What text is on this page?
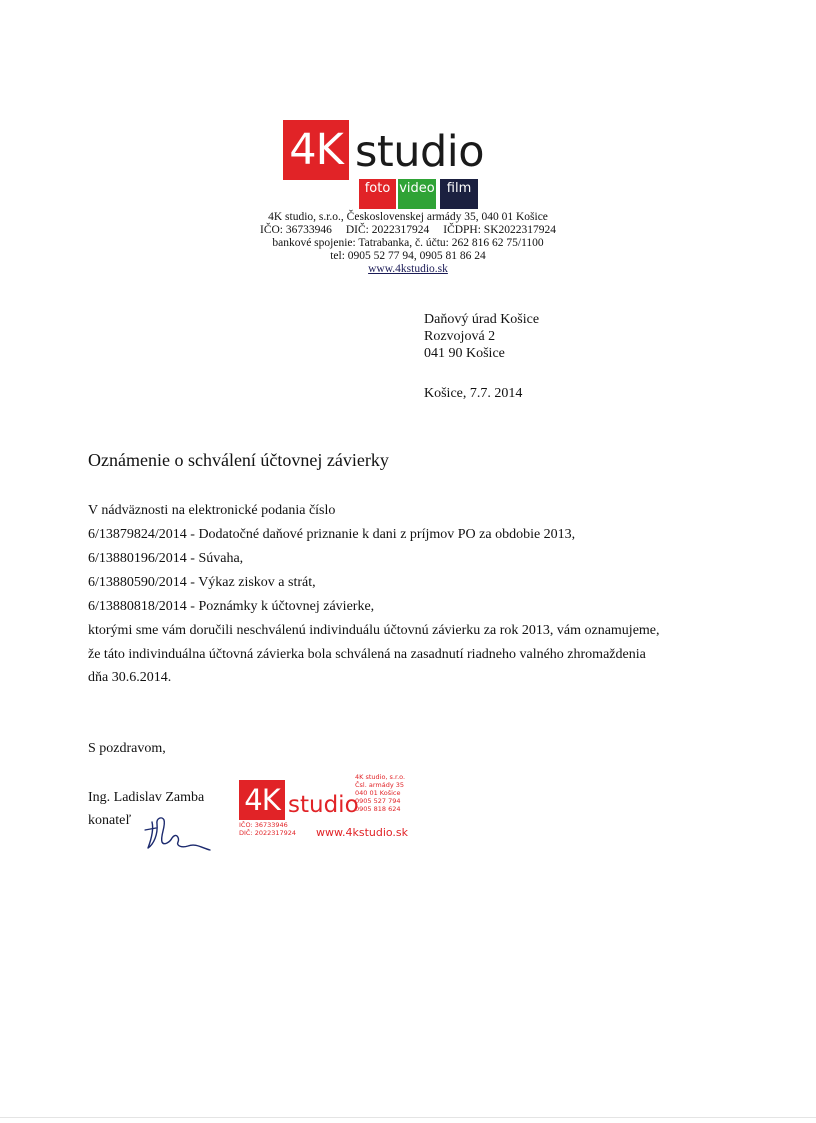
4K studio
foto video film
4K studio, s.r.o., Československej armády 35, 040 01 Košice
IČO: 36733946 DIČ: 2022317924 IČDPH: SK2022317924
bankové spojenie: Tatrabanka, č. účtu: 262 816 62 75/1100
tel: 0905 52 77 94, 0905 81 86 24
www.4kstudio.sk
Daňový úrad Košice
Rozvojová 2
041 90 Košice
Košice, 7.7. 2014
Oznámenie o schválení účtovnej závierky
V nádväznosti na elektronické podania číslo
6/13879824/2014 - Dodatočné daňové priznanie k dani z príjmov PO za obdobie 2013,
6/13880196/2014 - Súvaha,
6/13880590/2014 - Výkaz ziskov a strát,
6/13880818/2014 - Poznámky k účtovnej závierke,
ktorými sme vám doručili neschválenú indivinduálu účtovnú závierku za rok 2013, vám oznamujeme,
že táto indivinduálna účtovná závierka bola schválená na zasadnutí riadneho valného zhromaždenia
dňa 30.6.2014.
S pozdravom,
Ing. Ladislav Zamba
konateľ
4K studio
4K studio, s.r.o.
Čsl. armády 35
040 01 Košice
0905 527 794
0905 818 624
IČO: 36733946
DIČ: 2022317924 www.4kstudio.sk
